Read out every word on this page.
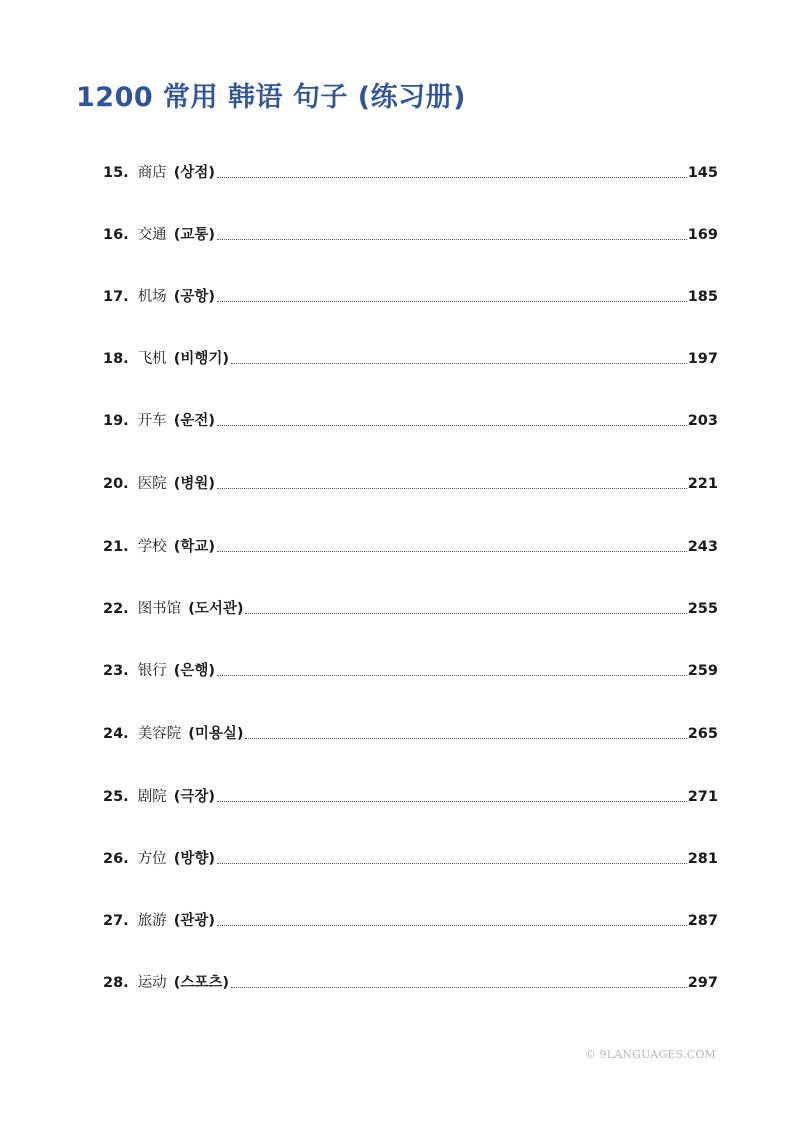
1200 常用 韩语 句子 (练习册)
15. 商店 (상점)	145
16. 交通 (교통)	169
17. 机场 (공항)	185
18. 飞机 (비행기)	197
19. 开车 (운전)	203
20. 医院 (병원)	221
21. 学校 (학교)	243
22. 图书馆 (도서관)	255
23. 银行 (은행)	259
24. 美容院 (미용실)	265
25. 剧院 (극장)	271
26. 方位 (방향)	281
27. 旅游 (관광)	287
28. 运动 (스포츠)	297
© 9LANGUAGES.COM
